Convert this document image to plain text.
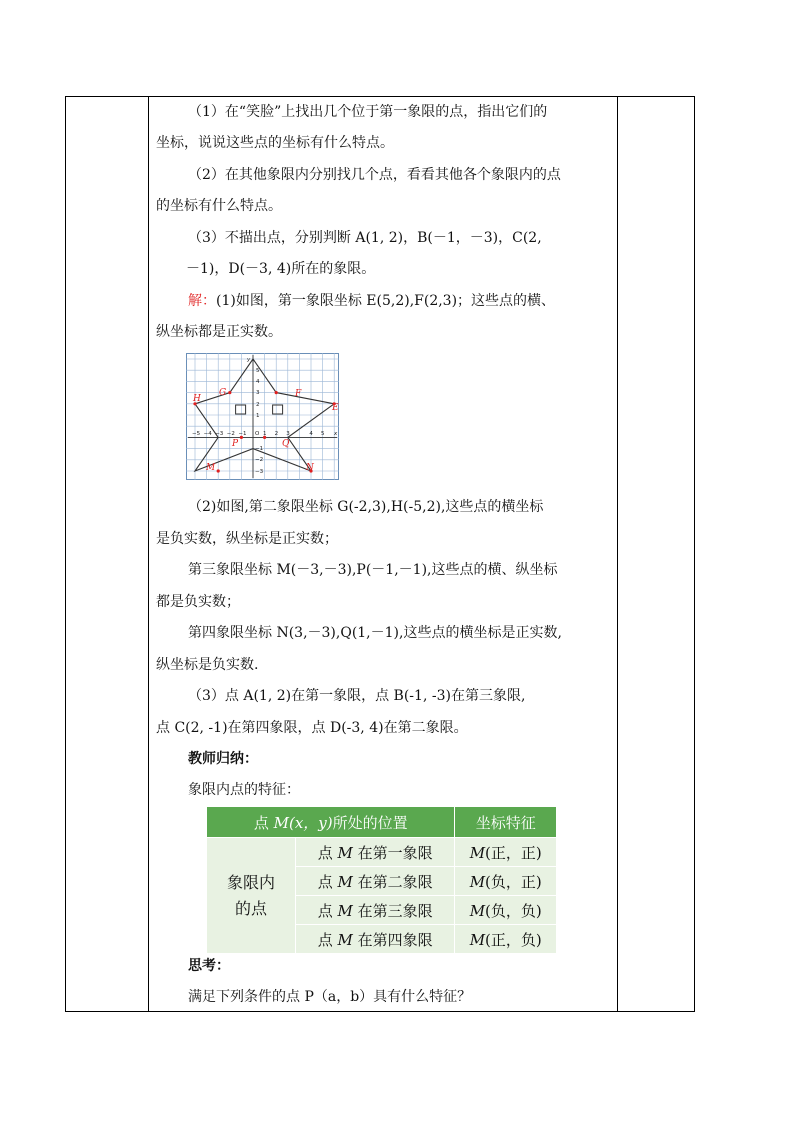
（1）在“笑脸”上找出几个位于第一象限的点，指出它们的
坐标，说说这些点的坐标有什么特点。
（2）在其他象限内分别找几个点，看看其他各个象限内的点
的坐标有什么特点。
（3）不描出点，分别判断 A(1, 2)，B(－1，－3)，C(2,
－1)，D(－3, 4)所在的象限。
解：(1)如图，第一象限坐标 E(5,2),F(2,3)；这些点的横、
纵坐标都是正实数。
H
G	F
E
P	Q
M	N
−5 −4 −3 −2 −1 O 1 2 3	4 5 x
y
5
4
3
2
1
−1
−2
−3
（2)如图,第二象限坐标 G(-2,3),H(-5,2),这些点的横坐标
是负实数，纵坐标是正实数；
第三象限坐标 M(－3,－3),P(－1,－1),这些点的横、纵坐标
都是负实数；
第四象限坐标 N(3,－3),Q(1,－1),这些点的横坐标是正实数,
纵坐标是负实数.
（3）点 A(1, 2)在第一象限，点 B(-1, -3)在第三象限,
点 C(2, -1)在第四象限，点 D(-3, 4)在第二象限。
教师归纳：
象限内点的特征：
点 M(x，y)所处的位置		坐标特征
象限内的点	点 M 在第一象限	M(正，正)
	点 M 在第二象限	M(负，正)
	点 M 在第三象限	M(负，负)
	点 M 在第四象限	M(正，负)
思考：
满足下列条件的点 P（a，b）具有什么特征？
